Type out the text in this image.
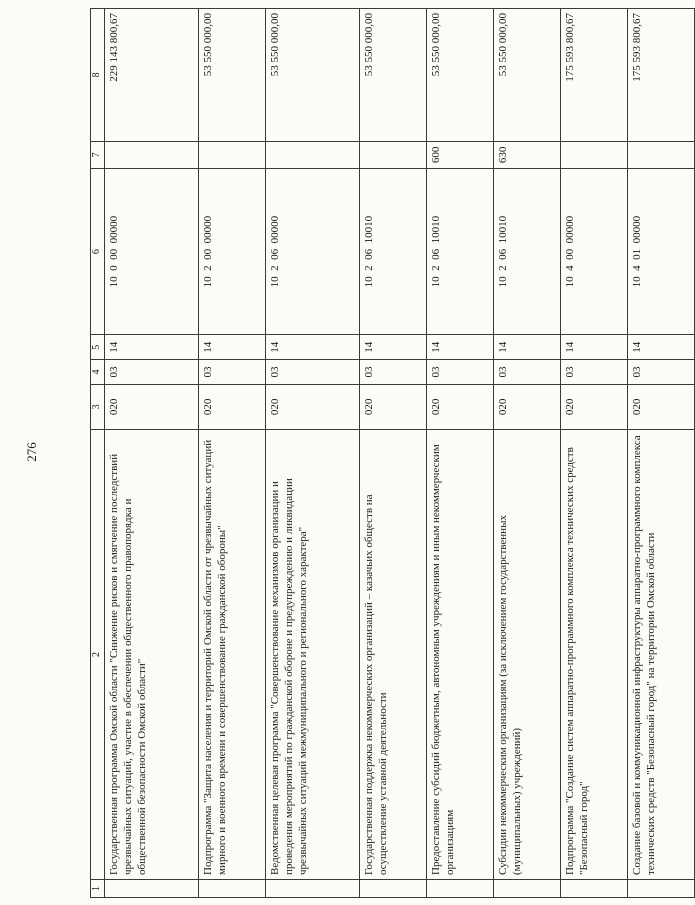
276
1	2	3	4	5	6	7	8
	Государственная программа Омской области "Снижение рисков и смягчение последствий чрезвычайных ситуаций, участие в обеспечении общественного правопорядка и общественной безопасности Омской области"	020	03	14	10  0  00  00000		229 143 800,67
	Подпрограмма "Защита населения и территорий Омской области от чрезвычайных ситуаций мирного и военного времени и совершенствование гражданской обороны"	020	03	14	10  2  00  00000		53 550 000,00
	Ведомственная целевая программа "Совершенствование механизмов организации и проведения мероприятий по гражданской обороне и предупреждению и ликвидации чрезвычайных ситуаций межмуниципального и регионального характера"	020	03	14	10  2  06  00000		53 550 000,00
	Государственная поддержка некоммерческих организаций – казачьих обществ на осуществление уставной деятельности	020	03	14	10  2  06  10010		53 550 000,00
	Предоставление субсидий бюджетным, автономным учреждениям и иным некоммерческим организациям	020	03	14	10  2  06  10010	600	53 550 000,00
	Субсидии некоммерческим организациям (за исключением государственных (муниципальных) учреждений)	020	03	14	10  2  06  10010	630	53 550 000,00
	Подпрограмма "Создание систем аппаратно-программного комплекса технических средств "Безопасный город"	020	03	14	10  4  00  00000		175 593 800,67
	Создание базовой и коммуникационной инфраструктуры аппаратно-программного комплекса технических средств "Безопасный город" на территории Омской области	020	03	14	10  4  01  00000		175 593 800,67
